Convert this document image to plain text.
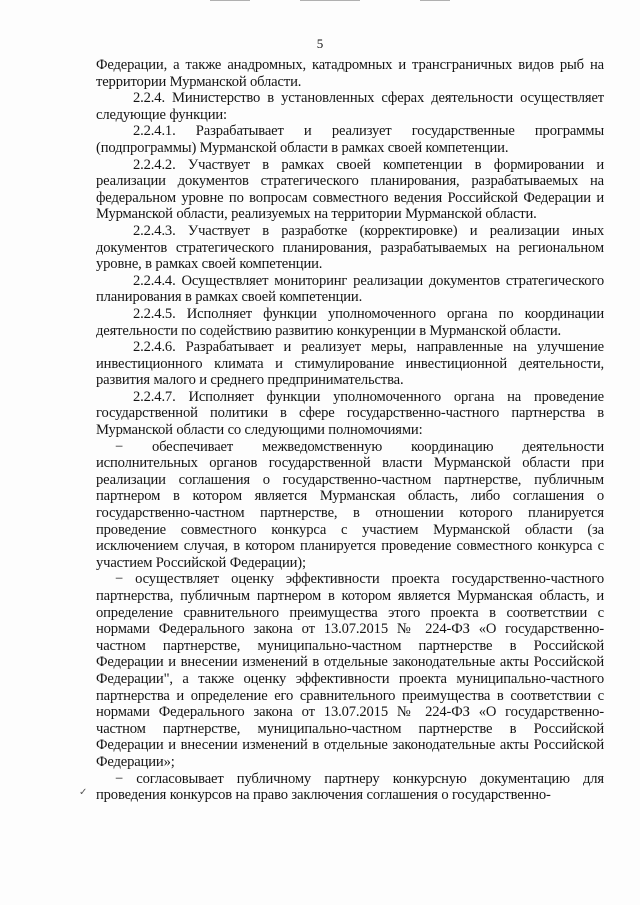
5

Федерации, а также анадромных, катадромных и трансграничных видов рыб на территории Мурманской области.

2.2.4. Министерство в установленных сферах деятельности осуществляет следующие функции:

2.2.4.1. Разрабатывает и реализует государственные программы (подпрограммы) Мурманской области в рамках своей компетенции.

2.2.4.2. Участвует в рамках своей компетенции в формировании и реализации документов стратегического планирования, разрабатываемых на федеральном уровне по вопросам совместного ведения Российской Федерации и Мурманской области, реализуемых на территории Мурманской области.

2.2.4.3. Участвует в разработке (корректировке) и реализации иных документов стратегического планирования, разрабатываемых на региональном уровне, в рамках своей компетенции.

2.2.4.4. Осуществляет мониторинг реализации документов стратегического планирования в рамках своей компетенции.

2.2.4.5. Исполняет функции уполномоченного органа по координации деятельности по содействию развитию конкуренции в Мурманской области.

2.2.4.6. Разрабатывает и реализует меры, направленные на улучшение инвестиционного климата и стимулирование инвестиционной деятельности, развития малого и среднего предпринимательства.

2.2.4.7. Исполняет функции уполномоченного органа на проведение государственной политики в сфере государственно-частного партнерства в Мурманской области со следующими полномочиями:

− обеспечивает межведомственную координацию деятельности исполнительных органов государственной власти Мурманской области при реализации соглашения о государственно-частном партнерстве, публичным партнером в котором является Мурманская область, либо соглашения о государственно-частном партнерстве, в отношении которого планируется проведение совместного конкурса с участием Мурманской области (за исключением случая, в котором планируется проведение совместного конкурса с участием Российской Федерации);

− осуществляет оценку эффективности проекта государственно-частного партнерства, публичным партнером в котором является Мурманская область, и определение сравнительного преимущества этого проекта в соответствии с нормами Федерального закона от 13.07.2015 № 224-ФЗ «О государственно-частном партнерстве, муниципально-частном партнерстве в Российской Федерации и внесении изменений в отдельные законодательные акты Российской Федерации", а также оценку эффективности проекта муниципально-частного партнерства и определение его сравнительного преимущества в соответствии с нормами Федерального закона от 13.07.2015 № 224-ФЗ «О государственно-частном партнерстве, муниципально-частном партнерстве в Российской Федерации и внесении изменений в отдельные законодательные акты Российской Федерации»;

− согласовывает публичному партнеру конкурсную документацию для проведения конкурсов на право заключения соглашения о государственно-

✓
